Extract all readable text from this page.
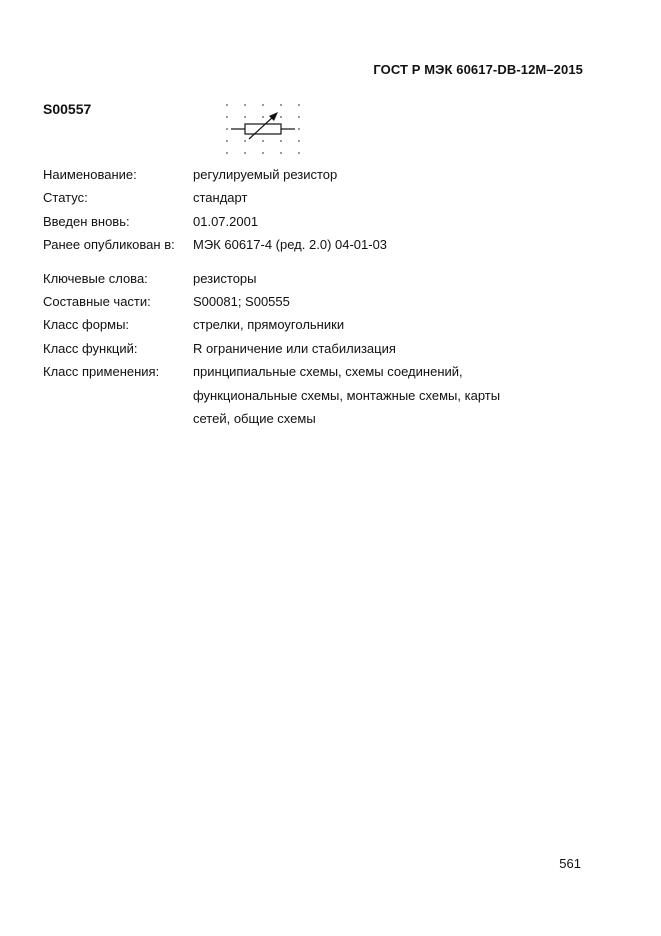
ГОСТ Р МЭК 60617-DB-12M–2015
S00557
Наименование:	регулируемый резистор
Статус:	стандарт
Введен вновь:	01.07.2001
Ранее опубликован в:	МЭК 60617-4 (ред. 2.0) 04-01-03
Ключевые слова:	резисторы
Составные части:	S00081; S00555
Класс формы:	стрелки, прямоугольники
Класс функций:	R ограничение или стабилизация
Класс применения:	принципиальные схемы, схемы соединений,
функциональные схемы, монтажные схемы, карты
сетей, общие схемы
561
